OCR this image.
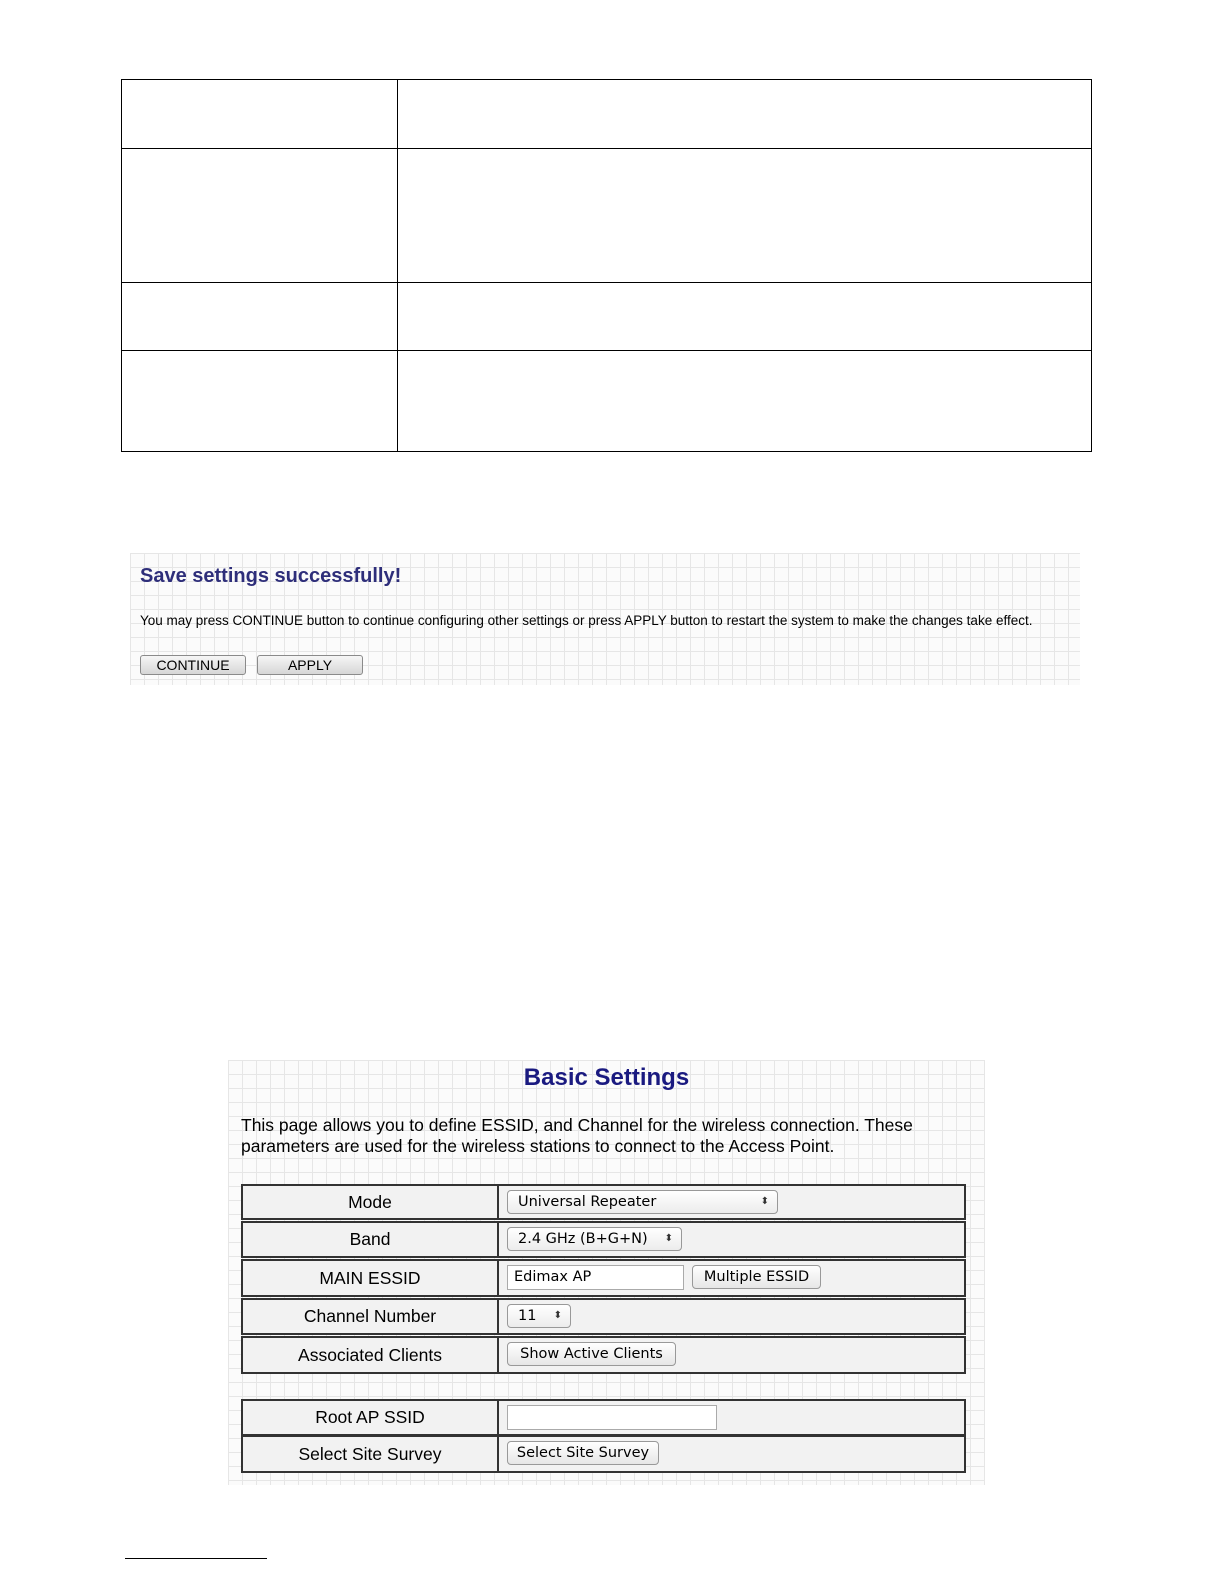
Save settings successfully!
You may press CONTINUE button to continue configuring other settings or press APPLY button to restart the system to make the changes take effect.
CONTINUE	APPLY
Basic Settings
This page allows you to define ESSID, and Channel for the wireless connection. These parameters are used for the wireless stations to connect to the Access Point.
Mode	Universal Repeater	⬍
Band	2.4 GHz (B+G+N) ⬍
MAIN ESSID	Edimax AP	Multiple ESSID
Channel Number	11 ⬍
Associated Clients	Show Active Clients
Root AP SSID
Select Site Survey	Select Site Survey
